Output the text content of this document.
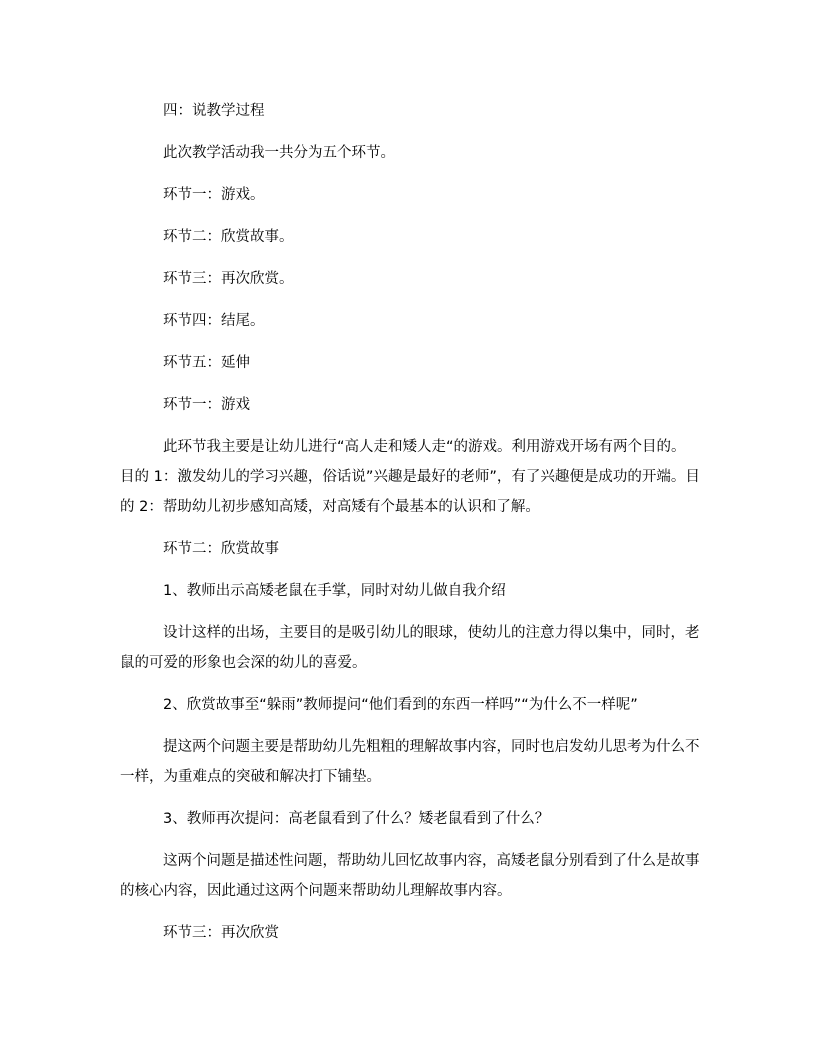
四：说教学过程

此次教学活动我一共分为五个环节。

环节一：游戏。

环节二：欣赏故事。

环节三：再次欣赏。

环节四：结尾。

环节五：延伸

环节一：游戏

此环节我主要是让幼儿进行“高人走和矮人走“的游戏。利用游戏开场有两个目的。目的 1：激发幼儿的学习兴趣，俗话说”兴趣是最好的老师”，有了兴趣便是成功的开端。目的 2：帮助幼儿初步感知高矮，对高矮有个最基本的认识和了解。

环节二：欣赏故事

1、教师出示高矮老鼠在手掌，同时对幼儿做自我介绍

设计这样的出场，主要目的是吸引幼儿的眼球，使幼儿的注意力得以集中，同时，老鼠的可爱的形象也会深的幼儿的喜爱。

2、欣赏故事至“躲雨”教师提问“他们看到的东西一样吗”“为什么不一样呢”

提这两个问题主要是帮助幼儿先粗粗的理解故事内容，同时也启发幼儿思考为什么不一样，为重难点的突破和解决打下铺垫。

3、教师再次提问：高老鼠看到了什么？矮老鼠看到了什么？

这两个问题是描述性问题，帮助幼儿回忆故事内容，高矮老鼠分别看到了什么是故事的核心内容，因此通过这两个问题来帮助幼儿理解故事内容。

环节三：再次欣赏
